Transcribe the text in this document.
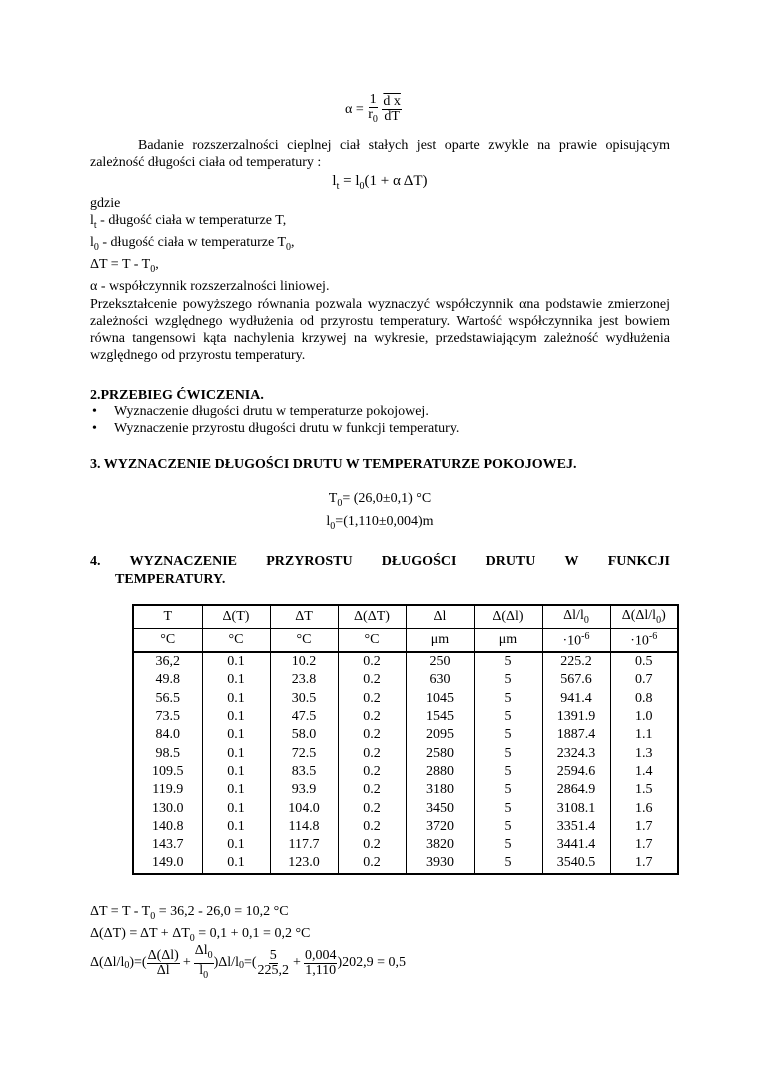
$\alpha = \frac{1}{r_0}$
$\frac{\text{d x}}{dT}$
Badanie rozszerzalności cieplnej ciał stałych jest oparte zwykle na prawie opisującym zależność długości ciała od temperatury :
$l_t = l_0(1 + \alpha$ ΔT)
gdzie
$l_t$ - długość ciała w temperaturze T,
$l_0$ - długość ciała w temperaturze $T_0$,
$\Delta T = T - T_0$,
α - współczynnik rozszerzalności liniowej.
Przekształcenie powyższego równania pozwala wyznaczyć współczynnik αna podstawie zmierzonej zależności względnego wydłużenia od przyrostu temperatury. Wartość współczynnika jest bowiem równa tangensowi kąta nachylenia krzywej na wykresie, przedstawiającym zależność wydłużenia względnego od przyrostu temperatury.
2.PRZEBIEG ĆWICZENIA.
• Wyznaczenie długości drutu w temperaturze pokojowej.
• Wyznaczenie przyrostu długości drutu w funkcji temperatury.
3. WYZNACZENIE DŁUGOŚCI DRUTU W TEMPERATURZE POKOJOWEJ.
$T_0= (26,0\pm 0,1)$ °C
$l_0=(1,110\pm 0,004)m$
4. WYZNACZENIE PRZYROSTU DŁUGOŚCI DRUTU W FUNKCJI
TEMPERATURY.
T	Δ(T)	ΔT	Δ(ΔT)	Δl	Δ(Δl)	$\Delta l/l_0$	$\Delta(\Delta l/l_0)$
°C	°C	°C	°C	μm	μm	$\cdot 10^{-6}$	$\cdot 10^{-6}$
36,2	0.1	10.2	0.2	250	5	225.2	0.5
49.8	0.1	23.8	0.2	630	5	567.6	0.7
56.5	0.1	30.5	0.2	1045	5	941.4	0.8
73.5	0.1	47.5	0.2	1545	5	1391.9	1.0
84.0	0.1	58.0	0.2	2095	5	1887.4	1.1
98.5	0.1	72.5	0.2	2580	5	2324.3	1.3
109.5	0.1	83.5	0.2	2880	5	2594.6	1.4
119.9	0.1	93.9	0.2	3180	5	2864.9	1.5
130.0	0.1	104.0	0.2	3450	5	3108.1	1.6
140.8	0.1	114.8	0.2	3720	5	3351.4	1.7
143.7	0.1	117.7	0.2	3820	5	3441.4	1.7
149.0	0.1	123.0	0.2	3930	5	3540.5	1.7
$\Delta T = T - T_0 = 36,2 - 26,0 = 10,2$ °C
$\Delta(\Delta T) = \Delta T + \Delta T_0 = 0,1 + 0,1 = 0,2$ °C
Δ(Δl/l 0 )=( $\frac{\Delta(\Delta l)}{\Delta l} + \frac{\Delta l_0}{l_0} )\Delta l/l$ 0 =( $\frac{5}{225,2} + \frac{0,004}{1,110} )202,9 = 0,5$
